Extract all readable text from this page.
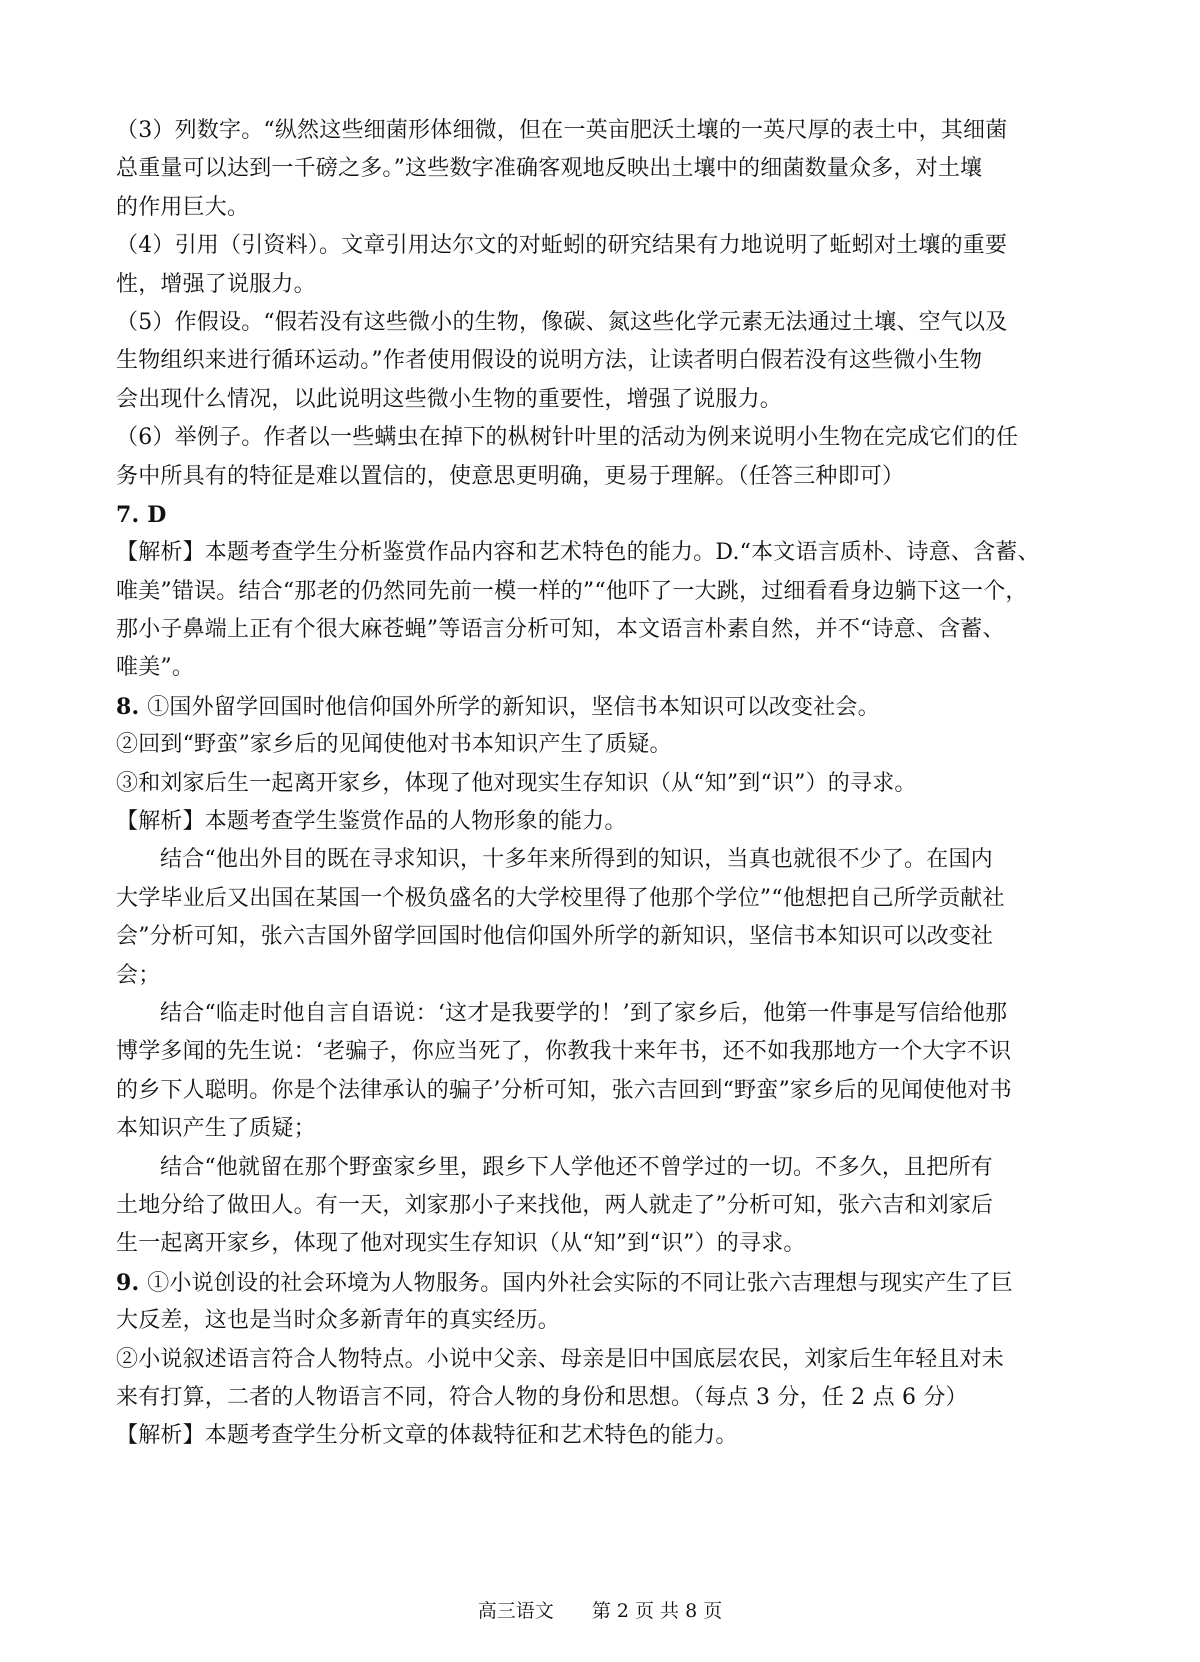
（3）列数字。“纵然这些细菌形体细微，但在一英亩肥沃土壤的一英尺厚的表土中，其细菌
总重量可以达到一千磅之多。”这些数字准确客观地反映出土壤中的细菌数量众多，对土壤
的作用巨大。
（4）引用（引资料）。文章引用达尔文的对蚯蚓的研究结果有力地说明了蚯蚓对土壤的重要
性，增强了说服力。
（5）作假设。“假若没有这些微小的生物，像碳、氮这些化学元素无法通过土壤、空气以及
生物组织来进行循环运动。”作者使用假设的说明方法，让读者明白假若没有这些微小生物
会出现什么情况，以此说明这些微小生物的重要性，增强了说服力。
（6）举例子。作者以一些螨虫在掉下的枞树针叶里的活动为例来说明小生物在完成它们的任
务中所具有的特征是难以置信的，使意思更明确，更易于理解。（任答三种即可）
7. D
【解析】本题考查学生分析鉴赏作品内容和艺术特色的能力。D.“本文语言质朴、诗意、含蓄、
唯美”错误。结合“那老的仍然同先前一模一样的”“他吓了一大跳，过细看看身边躺下这一个，
那小子鼻端上正有个很大麻苍蝇”等语言分析可知，本文语言朴素自然，并不“诗意、含蓄、
唯美”。
8. ①国外留学回国时他信仰国外所学的新知识，坚信书本知识可以改变社会。
②回到“野蛮”家乡后的见闻使他对书本知识产生了质疑。
③和刘家后生一起离开家乡，体现了他对现实生存知识（从“知”到“识”）的寻求。
【解析】本题考查学生鉴赏作品的人物形象的能力。
结合“他出外目的既在寻求知识，十多年来所得到的知识，当真也就很不少了。在国内
大学毕业后又出国在某国一个极负盛名的大学校里得了他那个学位”“他想把自己所学贡献社
会”分析可知，张六吉国外留学回国时他信仰国外所学的新知识，坚信书本知识可以改变社
会；
结合“临走时他自言自语说：‘这才是我要学的！’到了家乡后，他第一件事是写信给他那
博学多闻的先生说：‘老骗子，你应当死了，你教我十来年书，还不如我那地方一个大字不识
的乡下人聪明。你是个法律承认的骗子’分析可知，张六吉回到“野蛮”家乡后的见闻使他对书
本知识产生了质疑；
结合“他就留在那个野蛮家乡里，跟乡下人学他还不曾学过的一切。不多久，且把所有
土地分给了做田人。有一天，刘家那小子来找他，两人就走了”分析可知，张六吉和刘家后
生一起离开家乡，体现了他对现实生存知识（从“知”到“识”）的寻求。
9. ①小说创设的社会环境为人物服务。国内外社会实际的不同让张六吉理想与现实产生了巨
大反差，这也是当时众多新青年的真实经历。
②小说叙述语言符合人物特点。小说中父亲、母亲是旧中国底层农民，刘家后生年轻且对未
来有打算，二者的人物语言不同，符合人物的身份和思想。（每点 3 分，任 2 点 6 分）
【解析】本题考查学生分析文章的体裁特征和艺术特色的能力。
高三语文 第 2 页 共 8 页
